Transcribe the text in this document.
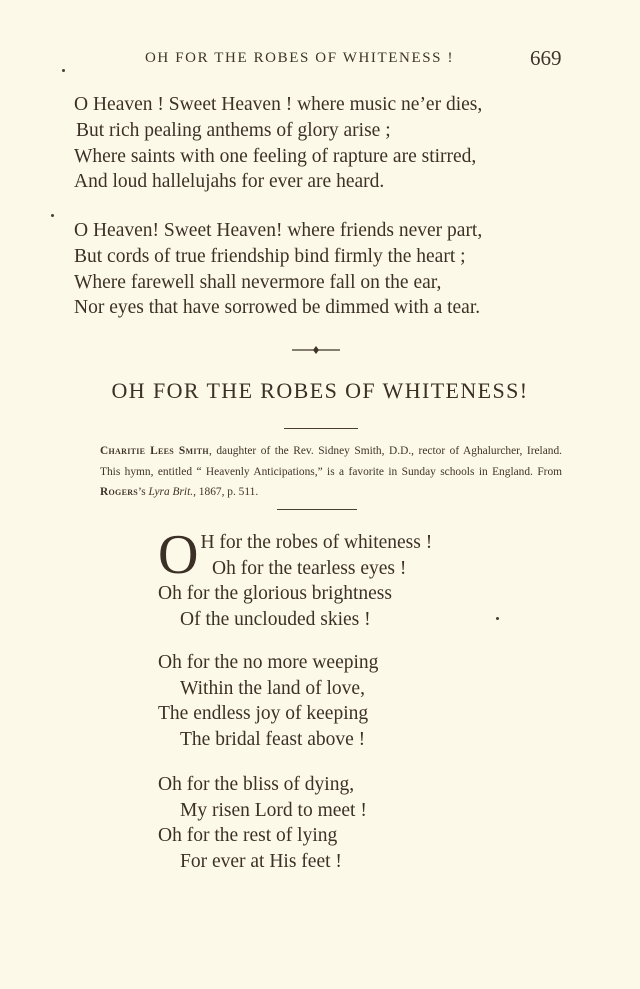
OH FOR THE ROBES OF WHITENESS !	669
O Heaven ! Sweet Heaven ! where music ne’er dies,
But rich pealing anthems of glory arise ;
Where saints with one feeling of rapture are stirred,
And loud hallelujahs for ever are heard.
O Heaven! Sweet Heaven! where friends never part,
But cords of true friendship bind firmly the heart ;
Where farewell shall nevermore fall on the ear,
Nor eyes that have sorrowed be dimmed with a tear.
OH FOR THE ROBES OF WHITENESS!
Charitie Lees Smith, daughter of the Rev. Sidney Smith, D.D., rector of Aghalurcher, Ireland. This hymn, entitled “ Heavenly Anticipations,” is a favorite in Sunday schools in England. From Rogers’s Lyra Brit., 1867, p. 511.
O H for the robes of whiteness !
Oh for the tearless eyes !
Oh for the glorious brightness
Of the unclouded skies !
Oh for the no more weeping
Within the land of love,
The endless joy of keeping
The bridal feast above !
Oh for the bliss of dying,
My risen Lord to meet !
Oh for the rest of lying
For ever at His feet !
